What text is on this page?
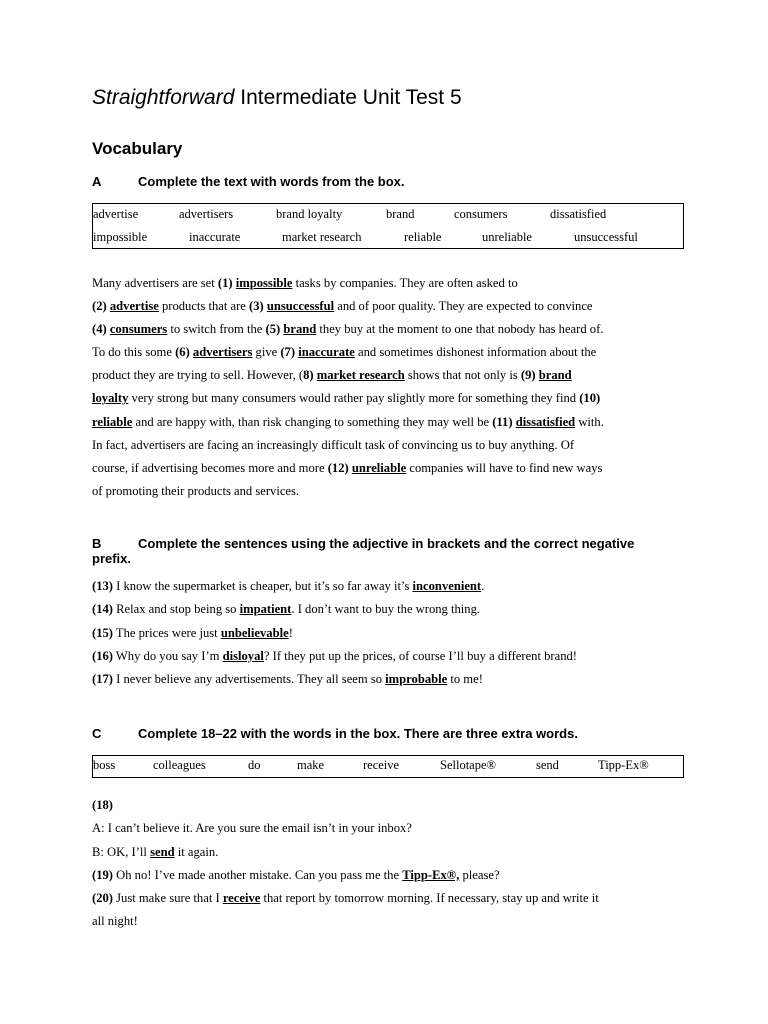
Straightforward Intermediate Unit Test 5
Vocabulary

A	Complete the text with words from the box.

advertise	advertisers	brand loyalty	brand	consumers	dissatisfied
impossible	inaccurate	market research	reliable	unreliable	unsuccessful
Many advertisers are set (1) impossible tasks by companies. They are often asked to
(2) advertise products that are (3) unsuccessful and of poor quality. They are expected to convince
(4) consumers to switch from the (5) brand they buy at the moment to one that nobody has heard of.
To do this some (6) advertisers give (7) inaccurate and sometimes dishonest information about the
product they are trying to sell. However, (8) market research shows that not only is (9) brand
loyalty very strong but many consumers would rather pay slightly more for something they find (10)
reliable and are happy with, than risk changing to something they may well be (11) dissatisfied with.
In fact, advertisers are facing an increasingly difficult task of convincing us to buy anything. Of
course, if advertising becomes more and more (12) unreliable companies will have to find new ways
of promoting their products and services.

B	Complete the sentences using the adjective in brackets and the correct negative prefix.

(13) I know the supermarket is cheaper, but it’s so far away it’s inconvenient.
(14) Relax and stop being so impatient. I don’t want to buy the wrong thing.
(15) The prices were just unbelievable!
(16) Why do you say I’m disloyal? If they put up the prices, of course I’ll buy a different brand!
(17) I never believe any advertisements. They all seem so improbable to me!

C	Complete 18–22 with the words in the box. There are three extra words.

boss	colleagues	do	make	receive	Sellotape®	send	Tipp-Ex®
(18)
A: I can’t believe it. Are you sure the email isn’t in your inbox?
B: OK, I’ll send it again.
(19) Oh no! I’ve made another mistake. Can you pass me the Tipp-Ex®, please?
(20) Just make sure that I receive that report by tomorrow morning. If necessary, stay up and write it
all night!
